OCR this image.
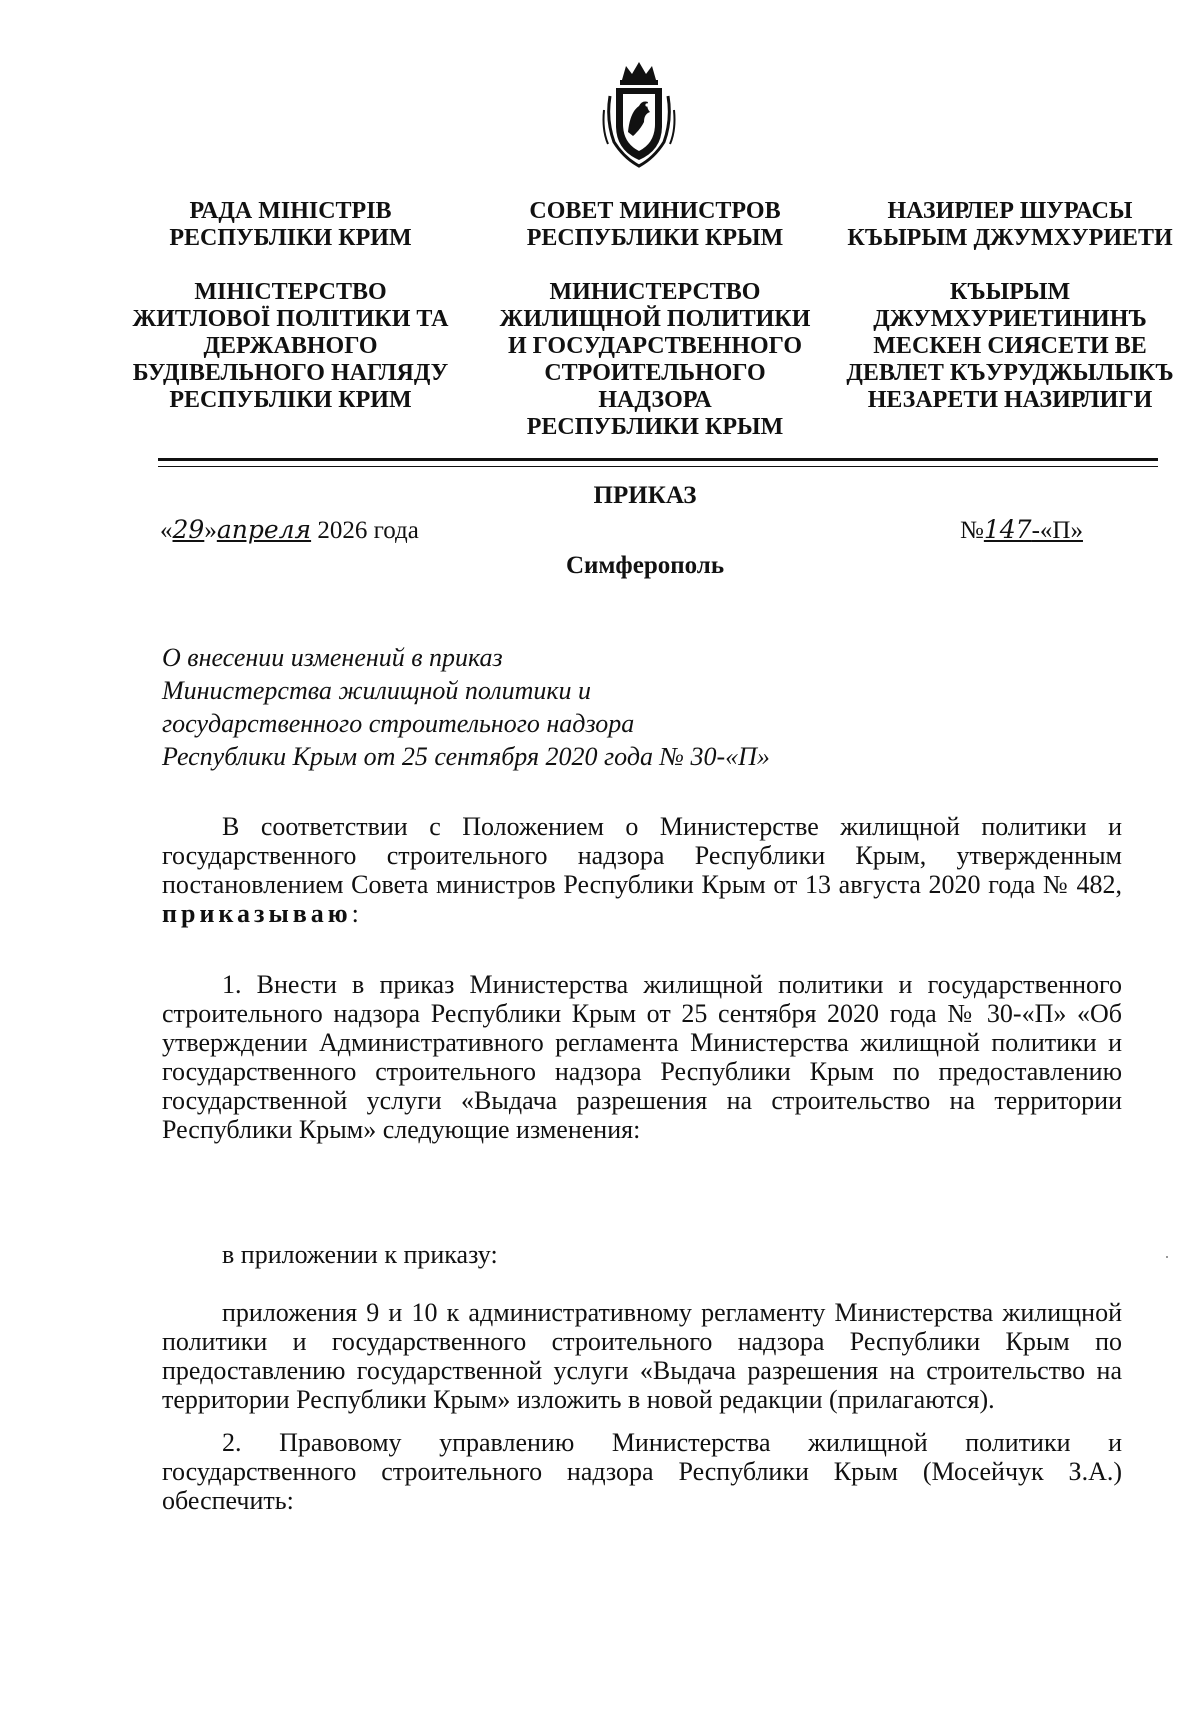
РАДА МІНІСТРІВ
РЕСПУБЛІКИ КРИМ
МІНІСТЕРСТВО
ЖИТЛОВОЇ ПОЛІТИКИ ТА
ДЕРЖАВНОГО
БУДІВЕЛЬНОГО НАГЛЯДУ
РЕСПУБЛІКИ КРИМ
СОВЕТ МИНИСТРОВ
РЕСПУБЛИКИ КРЫМ
МИНИСТЕРСТВО
ЖИЛИЩНОЙ ПОЛИТИКИ
И ГОСУДАРСТВЕННОГО
СТРОИТЕЛЬНОГО
НАДЗОРА
РЕСПУБЛИКИ КРЫМ
НАЗИРЛЕР ШУРАСЫ
КЪЫРЫМ ДЖУМХУРИЕТИ
КЪЫРЫМ
ДЖУМХУРИЕТИНИНЪ
МЕСКЕН СИЯСЕТИ ВЕ
ДЕВЛЕТ КЪУРУДЖЫЛЫКЪ
НЕЗАРЕТИ НАЗИРЛИГИ
ПРИКАЗ
«29»апреля 2026 года	№147-«П»
Симферополь
О внесении изменений в приказ
Министерства жилищной политики и
государственного строительного надзора
Республики Крым от 25 сентября 2020 года № 30-«П»

В соответствии с Положением о Министерстве жилищной политики и государственного строительного надзора Республики Крым, утвержденным постановлением Совета министров Республики Крым от 13 августа 2020 года № 482, приказываю:

1. Внести в приказ Министерства жилищной политики и государственного строительного надзора Республики Крым от 25 сентября 2020 года № 30-«П» «Об утверждении Административного регламента Министерства жилищной политики и государственного строительного надзора Республики Крым по предоставлению государственной услуги «Выдача разрешения на строительство на территории Республики Крым» следующие изменения:

в приложении к приказу:

приложения 9 и 10 к административному регламенту Министерства жилищной политики и государственного строительного надзора Республики Крым по предоставлению государственной услуги «Выдача разрешения на строительство на территории Республики Крым» изложить в новой редакции (прилагаются).

2. Правовому управлению Министерства жилищной политики и государственного строительного надзора Республики Крым (Мосейчук З.А.) обеспечить:
